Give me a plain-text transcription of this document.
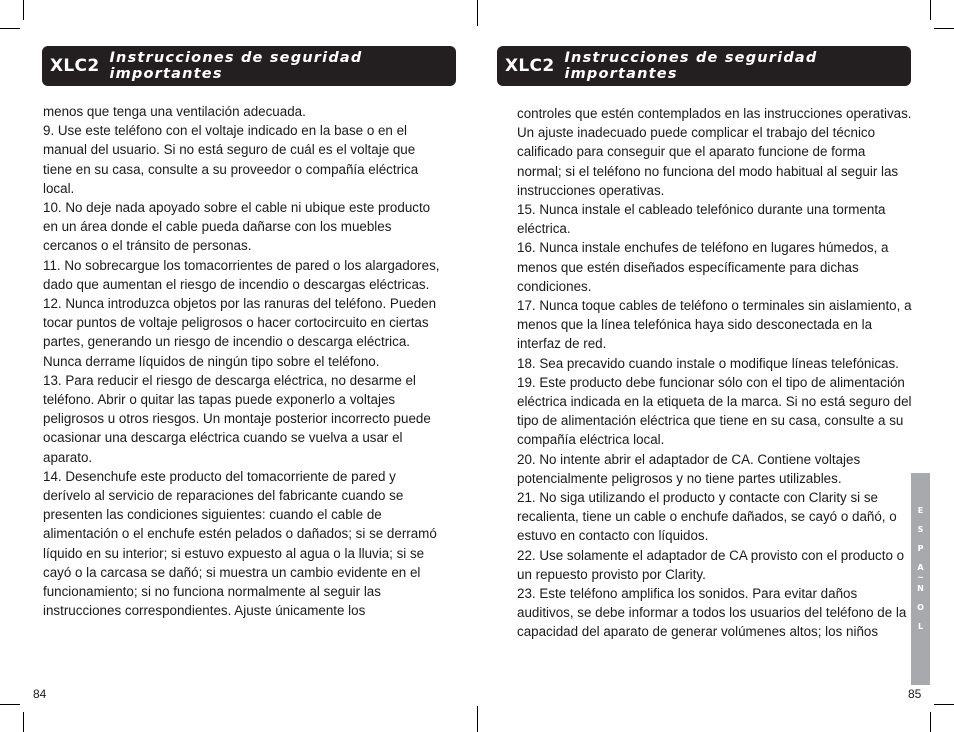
XLC2 Instrucciones de seguridad importantes	XLC2 Instrucciones de seguridad importantes

menos que tenga una ventilación adecuada.

9. Use este teléfono con el voltaje indicado en la base o en el manual del usuario. Si no está seguro de cuál es el voltaje que tiene en su casa, consulte a su proveedor o compañía eléctrica local.

10. No deje nada apoyado sobre el cable ni ubique este producto en un área donde el cable pueda dañarse con los muebles cercanos o el tránsito de personas.

11. No sobrecargue los tomacorrientes de pared o los alargadores, dado que aumentan el riesgo de incendio o descargas eléctricas.

12. Nunca introduzca objetos por las ranuras del teléfono. Pueden tocar puntos de voltaje peligrosos o hacer cortocircuito en ciertas partes, generando un riesgo de incendio o descarga eléctrica. Nunca derrame líquidos de ningún tipo sobre el teléfono.

13. Para reducir el riesgo de descarga eléctrica, no desarme el teléfono. Abrir o quitar las tapas puede exponerlo a voltajes peligrosos u otros riesgos. Un montaje posterior incorrecto puede ocasionar una descarga eléctrica cuando se vuelva a usar el aparato.

14. Desenchufe este producto del tomacorriente de pared y derívelo al servicio de reparaciones del fabricante cuando se presenten las condiciones siguientes: cuando el cable de alimentación o el enchufe estén pelados o dañados; si se derramó líquido en su interior; si estuvo expuesto al agua o la lluvia; si se cayó o la carcasa se dañó; si muestra un cambio evidente en el funcionamiento; si no funciona normalmente al seguir las instrucciones correspondientes. Ajuste únicamente los

controles que estén contemplados en las instrucciones operativas. Un ajuste inadecuado puede complicar el trabajo del técnico calificado para conseguir que el aparato funcione de forma normal; si el teléfono no funciona del modo habitual al seguir las instrucciones operativas.

15. Nunca instale el cableado telefónico durante una tormenta eléctrica.

16. Nunca instale enchufes de teléfono en lugares húmedos, a menos que estén diseñados específicamente para dichas condiciones.

17. Nunca toque cables de teléfono o terminales sin aislamiento, a menos que la línea telefónica haya sido desconectada en la interfaz de red.

18. Sea precavido cuando instale o modifique líneas telefónicas.

19. Este producto debe funcionar sólo con el tipo de alimentación eléctrica indicada en la etiqueta de la marca. Si no está seguro del tipo de alimentación eléctrica que tiene en su casa, consulte a su compañía eléctrica local.

20. No intente abrir el adaptador de CA. Contiene voltajes potencialmente peligrosos y no tiene partes utilizables.

21. No siga utilizando el producto y contacte con Clarity si se recalienta, tiene un cable o enchufe dañados, se cayó o dañó, o estuvo en contacto con líquidos.

22. Use solamente el adaptador de CA provisto con el producto o un repuesto provisto por Clarity.

23. Este teléfono amplifica los sonidos. Para evitar daños auditivos, se debe informar a todos los usuarios del teléfono de la capacidad del aparato de generar volúmenes altos; los niños

E
S
P
A
~
N
O
L
84	85
